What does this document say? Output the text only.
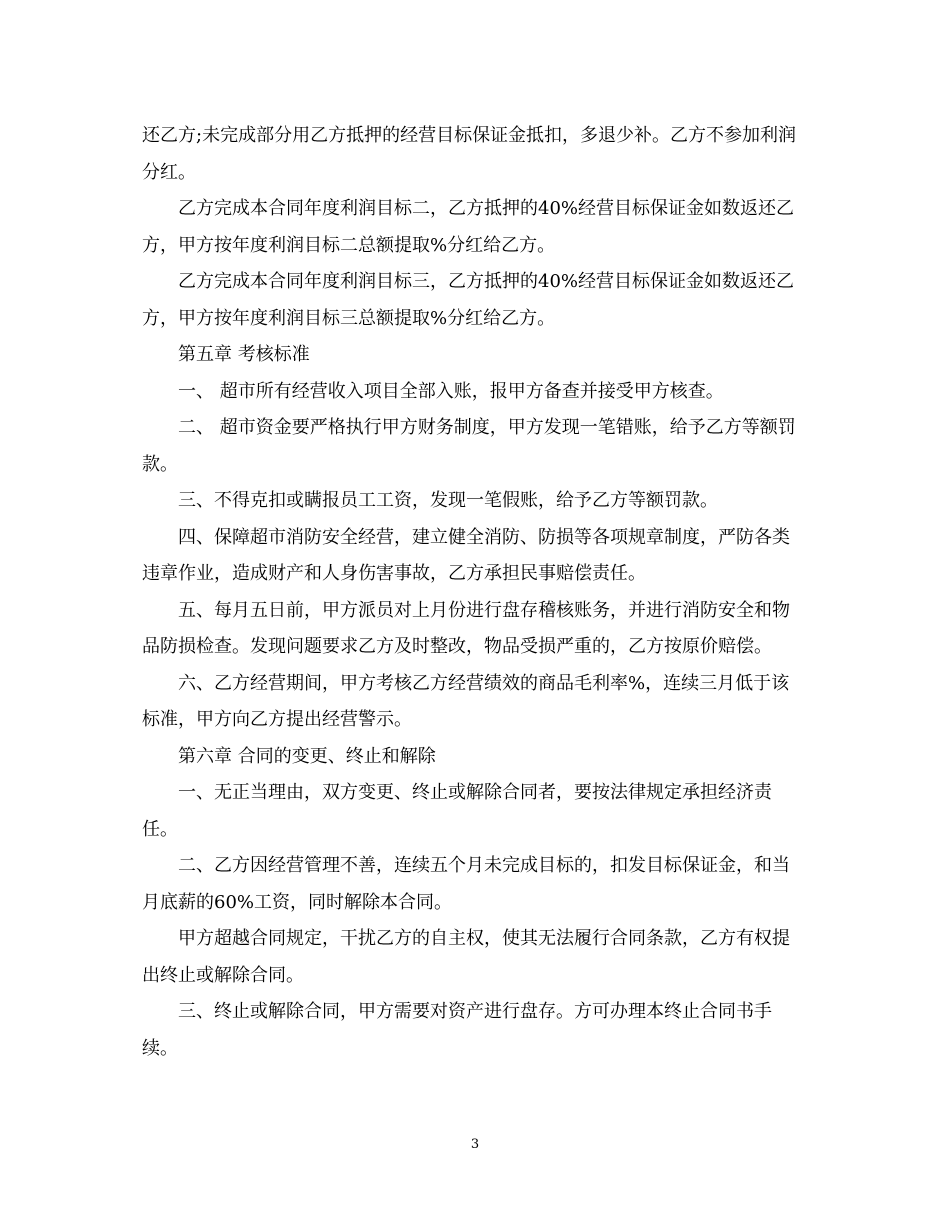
还乙方;未完成部分用乙方抵押的经营目标保证金抵扣，多退少补。乙方不参加利润分红。

乙方完成本合同年度利润目标二，乙方抵押的40%经营目标保证金如数返还乙方，甲方按年度利润目标二总额提取%分红给乙方。

乙方完成本合同年度利润目标三，乙方抵押的40%经营目标保证金如数返还乙方，甲方按年度利润目标三总额提取%分红给乙方。

第五章 考核标准

一、 超市所有经营收入项目全部入账，报甲方备查并接受甲方核查。

二、 超市资金要严格执行甲方财务制度，甲方发现一笔错账，给予乙方等额罚款。

三、不得克扣或瞒报员工工资，发现一笔假账，给予乙方等额罚款。

四、保障超市消防安全经营，建立健全消防、防损等各项规章制度，严防各类违章作业，造成财产和人身伤害事故，乙方承担民事赔偿责任。

五、每月五日前，甲方派员对上月份进行盘存稽核账务，并进行消防安全和物品防损检查。发现问题要求乙方及时整改，物品受损严重的，乙方按原价赔偿。

六、乙方经营期间，甲方考核乙方经营绩效的商品毛利率%，连续三月低于该标准，甲方向乙方提出经营警示。

第六章 合同的变更、终止和解除

一、无正当理由，双方变更、终止或解除合同者，要按法律规定承担经济责任。

二、乙方因经营管理不善，连续五个月未完成目标的，扣发目标保证金，和当月底薪的60%工资，同时解除本合同。

甲方超越合同规定，干扰乙方的自主权，使其无法履行合同条款，乙方有权提出终止或解除合同。

三、终止或解除合同，甲方需要对资产进行盘存。方可办理本终止合同书手续。

3
